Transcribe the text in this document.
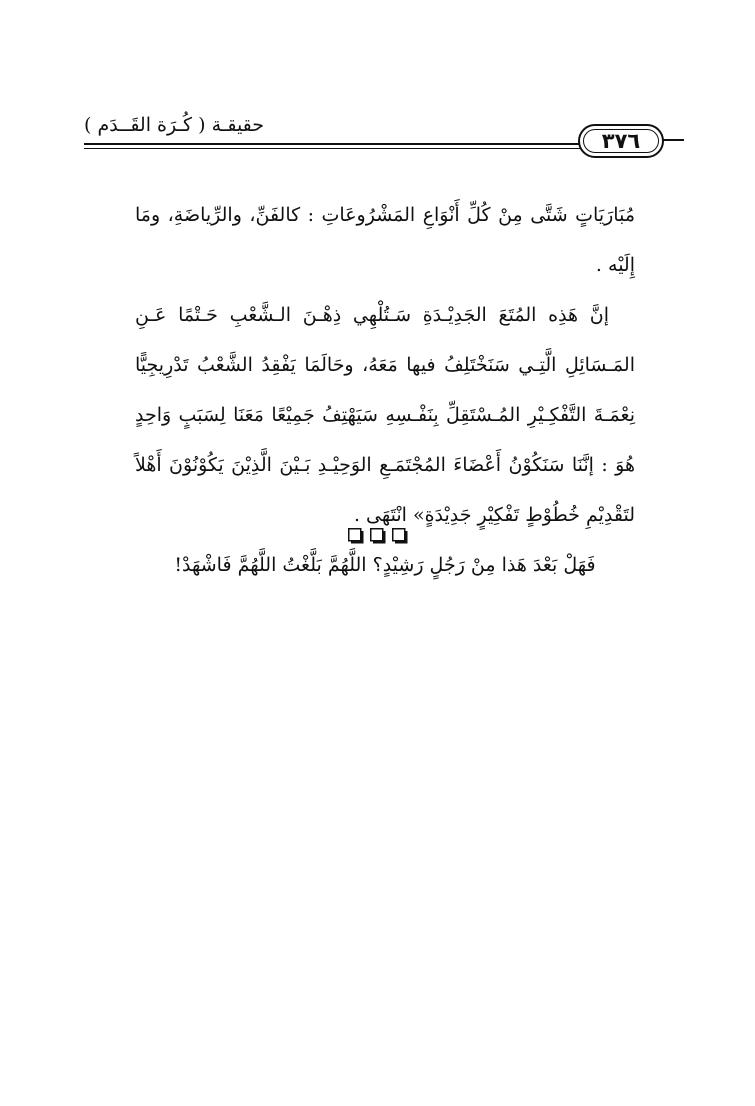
حقيقـة ( كُـرَة القَــدَم )
٣٧٦

مُبَارَيَاتٍ شَتَّى مِنْ كُلِّ أَنْوَاعِ المَشْرُوعَاتِ : كالفَنِّ، والرِّياضَةِ، ومَا إِلَيْه .

إنَّ هَذِه المُتَعَ الجَدِيْـدَةِ سَـتُلْهِي ذِهْـنَ الـشَّعْبِ حَـتْمًا عَـنِ المَـسَائِلِ الَّتِـي سَنَخْتَلِفُ فيها مَعَهُ، وحَالَمَا يَفْقِدُ الشَّعْبُ تَدْرِيجِيًّا نِعْمَـةَ التَّفْكِـيْرِ المُـسْتَقِلِّ بِنَفْـسِهِ سَيَهْتِفُ جَمِيْعًا مَعَنَا لِسَبَبٍ وَاحِدٍ هُوَ : إنَّنَا سَنَكُوْنُ أَعْضَاءَ المُجْتَمَـعِ الوَحِيْـدِ بَـيْنَ الَّذِيْنَ يَكُوْنُوْنَ أَهْلاً لتَقْدِيْمِ خُطُوْطٍ تَفْكِيْرٍ جَدِيْدَةٍ» انْتَهَى .

فَهَلْ بَعْدَ هَذا مِنْ رَجُلٍ رَشِيْدٍ؟ اللَّهُمَّ بَلَّغْتُ اللَّهُمَّ فَاشْهَدْ!
